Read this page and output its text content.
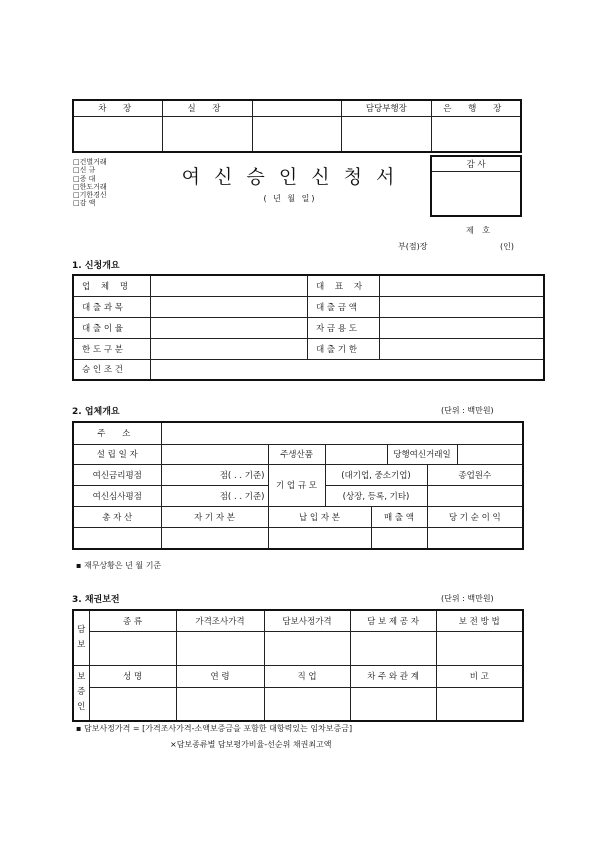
차 장	실 장		담당부행장	은 행 장

□건별거래
□신 규
□증 대
□한도거래
□기한경신
□감 액
여 신 승 인 신 청 서
( 년 월 일)
감 사

제 호
부(점)장	(인)
1. 신청개요
업 체 명		대 표 자	
대 출 과 목		대 출 금 액	
대 출 이 율		자 금 용 도	
한 도 구 분		대 출 기 한	
승 인 조 건			
2. 업체개요	(단위 : 백만원)
주 소							
설 립 일 자		주생산품			당행여신거래일		
여신금리평점	점( . . 기준)	기 업 규 모	(대기업, 중소기업)			종업원수	
여신심사평점	점( . . 기준)		(상장, 등록, 기타)				
총 자 산	자 기 자 본	납 입 자 본		매 출 액		당 기 순 이 익	

▪ 재무상황은 년 월 기준
3. 채권보전	(단위 : 백만원)
담
보	종 류	가격조사가격	담보사정가격	담 보 제 공 자	보 전 방 법

보
증
인	성 명	연 령	직 업	차 주 와 관 계	비 고

▪ 담보사정가격 = [가격조사가격-소액보증금을 포함한 대항력있는 임차보증금]
×담보종류별 담보평가비율-선순위 채권최고액
